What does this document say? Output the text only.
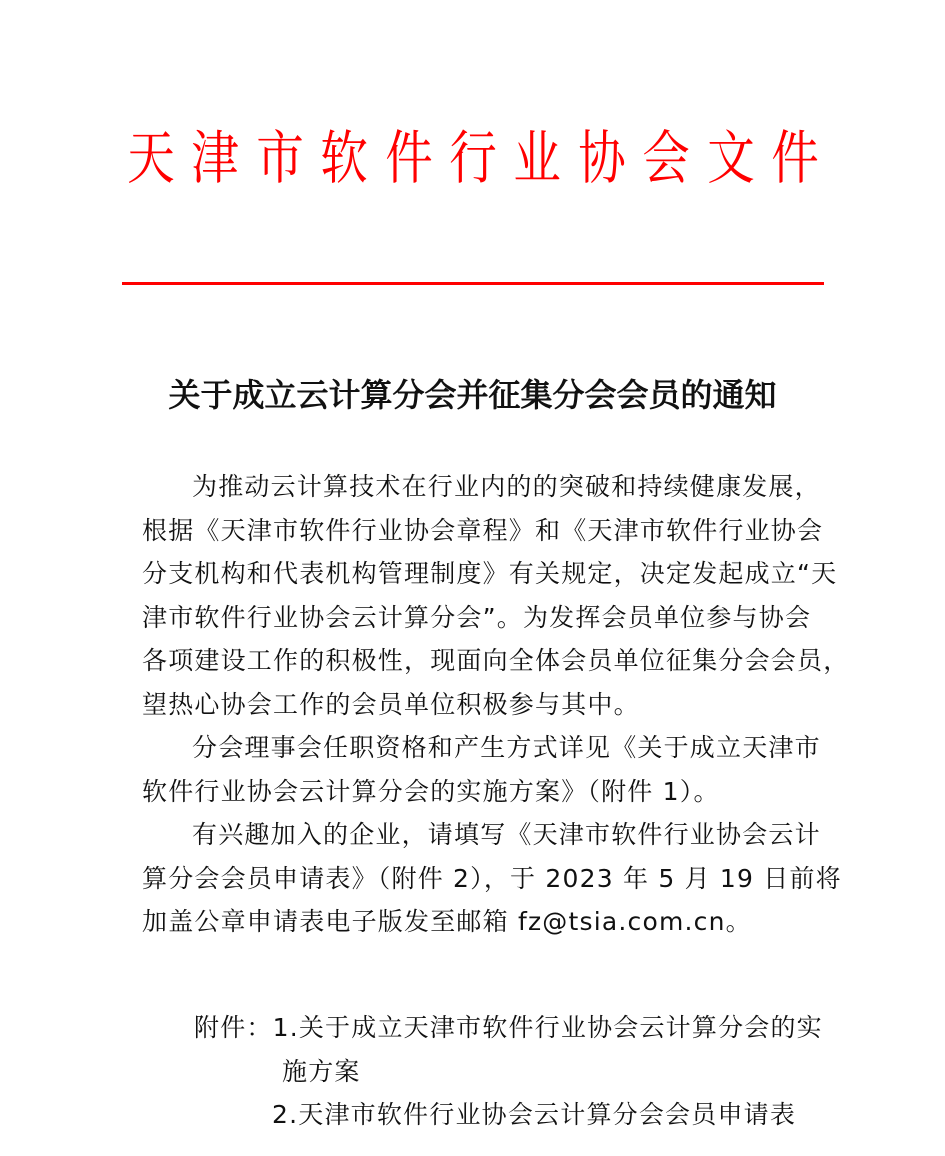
天 津 市 软 件 行 业 协 会 文 件
关于成立云计算分会并征集分会会员的通知
为推动云计算技术在行业内的的突破和持续健康发展，
根据《天津市软件行业协会章程》和《天津市软件行业协会
分支机构和代表机构管理制度》有关规定，决定发起成立“天
津市软件行业协会云计算分会”。为发挥会员单位参与协会
各项建设工作的积极性，现面向全体会员单位征集分会会员，
望热心协会工作的会员单位积极参与其中。
分会理事会任职资格和产生方式详见《关于成立天津市
软件行业协会云计算分会的实施方案》（附件 1）。
有兴趣加入的企业，请填写《天津市软件行业协会云计
算分会会员申请表》（附件 2），于 2023 年 5 月 19 日前将
加盖公章申请表电子版发至邮箱 fz@tsia.com.cn。
附件：1.关于成立天津市软件行业协会云计算分会的实
施方案
2.天津市软件行业协会云计算分会会员申请表
